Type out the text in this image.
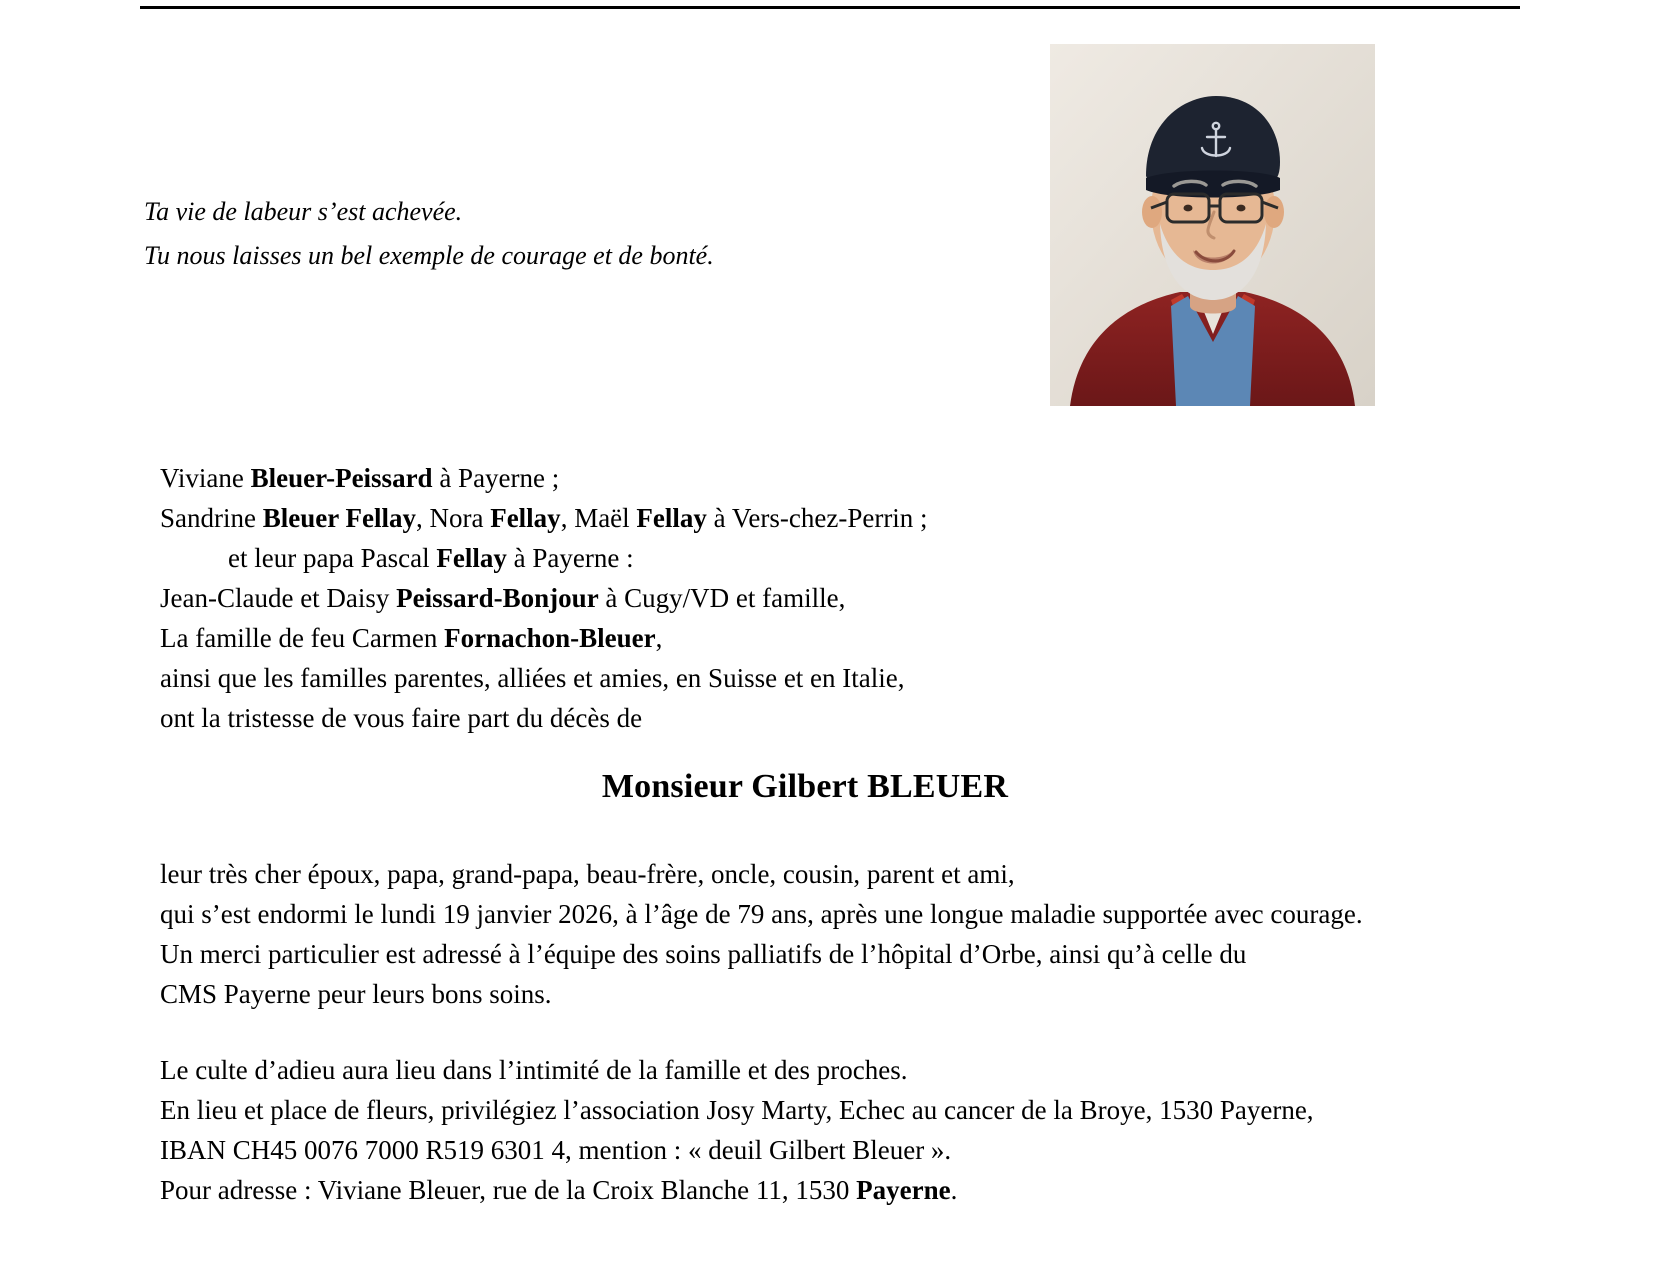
Ta vie de labeur s’est achevée.
Tu nous laisses un bel exemple de courage et de bonté.
Viviane Bleuer-Peissard à Payerne ;
Sandrine Bleuer Fellay, Nora Fellay, Maël Fellay à Vers-chez-Perrin ;
et leur papa Pascal Fellay à Payerne :
Jean-Claude et Daisy Peissard-Bonjour à Cugy/VD et famille,
La famille de feu Carmen Fornachon-Bleuer,
ainsi que les familles parentes, alliées et amies, en Suisse et en Italie,
ont la tristesse de vous faire part du décès de
Monsieur Gilbert BLEUER
leur très cher époux, papa, grand-papa, beau-frère, oncle, cousin, parent et ami,
qui s’est endormi le lundi 19 janvier 2026, à l’âge de 79 ans, après une longue maladie supportée avec courage.
Un merci particulier est adressé à l’équipe des soins palliatifs de l’hôpital d’Orbe, ainsi qu’à celle du
CMS Payerne peur leurs bons soins.
Le culte d’adieu aura lieu dans l’intimité de la famille et des proches.
En lieu et place de fleurs, privilégiez l’association Josy Marty, Echec au cancer de la Broye, 1530 Payerne,
IBAN CH45 0076 7000 R519 6301 4, mention : « deuil Gilbert Bleuer ».
Pour adresse : Viviane Bleuer, rue de la Croix Blanche 11, 1530 Payerne.
